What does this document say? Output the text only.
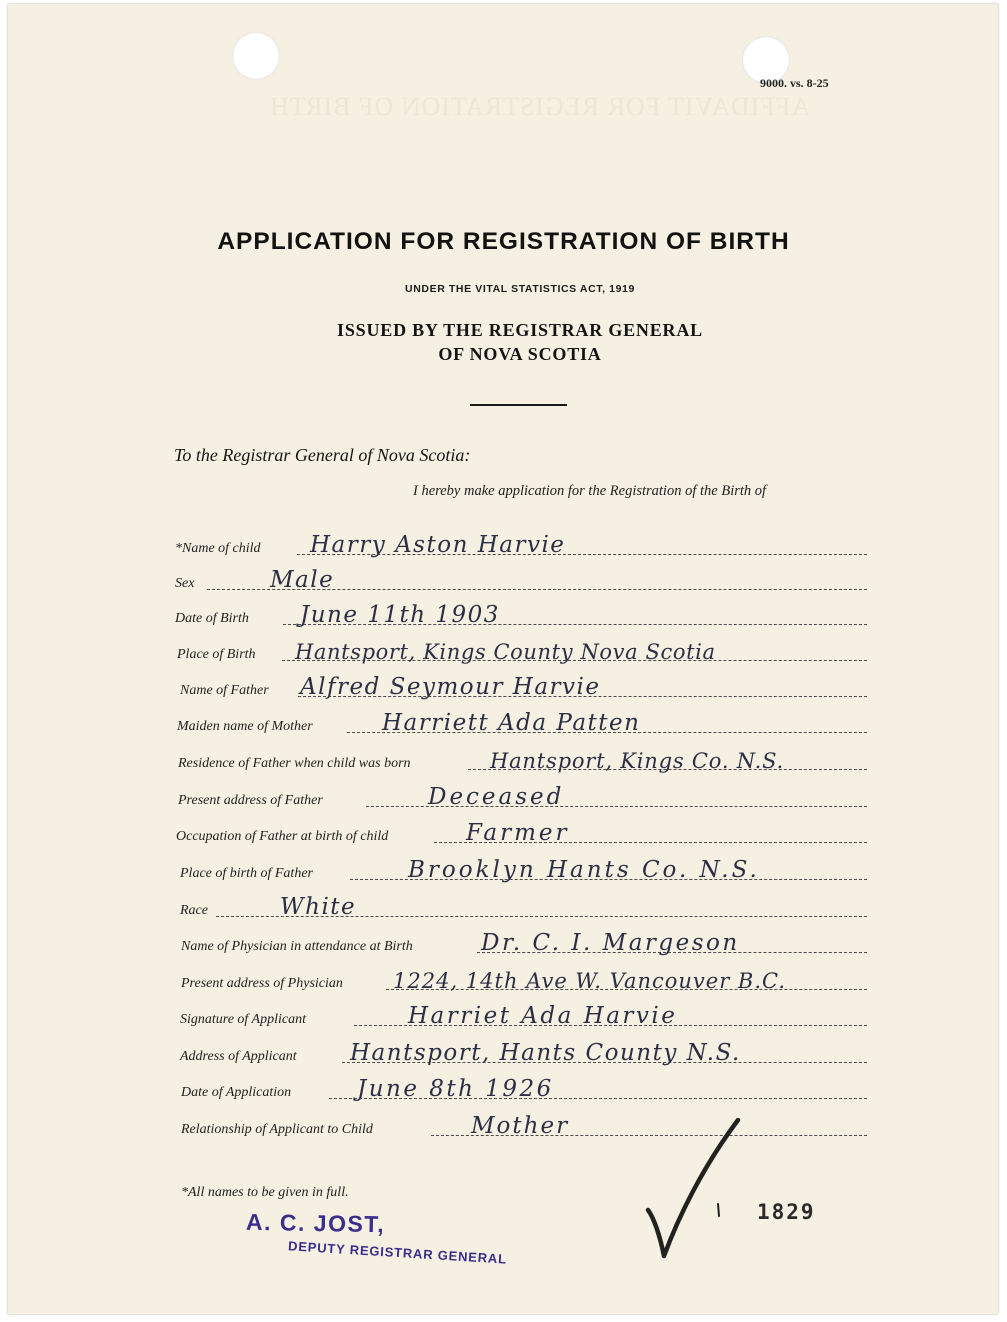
AFFIDAVIT FOR REGISTRATION OF BIRTH
9000. vs. 8-25
APPLICATION FOR REGISTRATION OF BIRTH
UNDER THE VITAL STATISTICS ACT, 1919
ISSUED BY THE REGISTRAR GENERAL
OF NOVA SCOTIA
To the Registrar General of Nova Scotia:
I hereby make application for the Registration of the Birth of
*Name of child Harry Aston Harvie
Sex	Male
Date of Birth June 11th 1903
Place of Birth Hantsport, Kings County Nova Scotia
Name of Father Alfred Seymour Harvie
Maiden name of Mother	Harriett Ada Patten
Residence of Father when child was born	Hantsport, Kings Co. N.S.
Present address of Father	Deceased
Occupation of Father at birth of child	Farmer
Place of birth of Father	Brooklyn Hants Co. N.S.
Race	White
Name of Physician in attendance at Birth	Dr. C. I. Margeson
Present address of Physician 1224, 14th Ave W. Vancouver B.C.
Signature of Applicant	Harriet Ada Harvie
Address of Applicant Hantsport, Hants County N.S.
Date of Application	June 8th 1926
Relationship of Applicant to Child	Mother
*All names to be given in full.
A. C. JOST,
DEPUTY REGISTRAR GENERAL
1829
